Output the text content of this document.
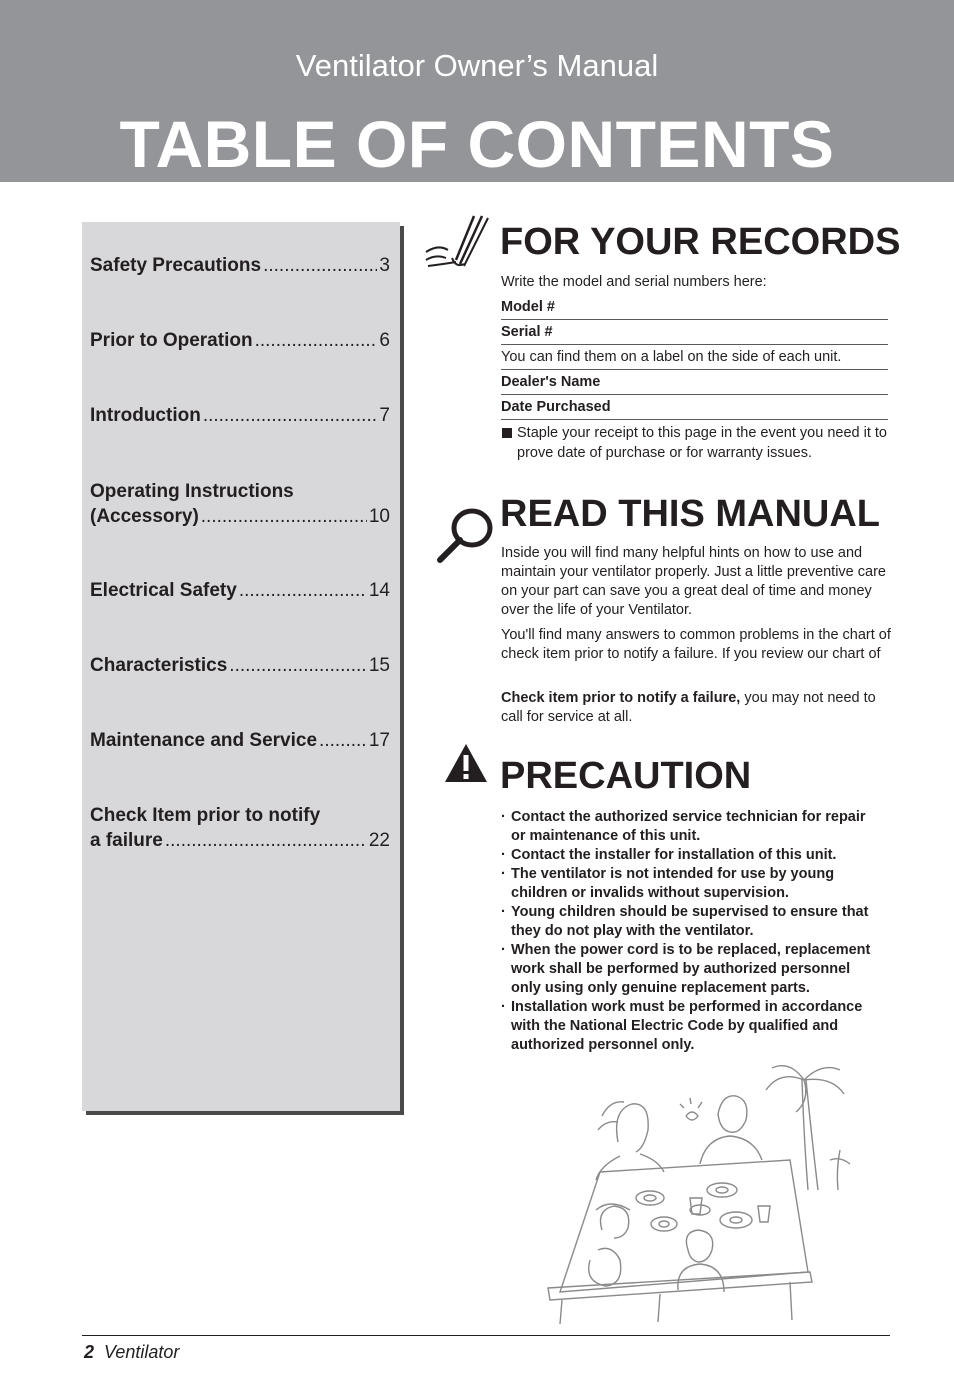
Ventilator Owner’s Manual
TABLE OF CONTENTS
Safety Precautions .....	3
Prior to Operation .....	6
Introduction .....	7
Operating Instructions
(Accessory) .....	10
Electrical Safety .....	14
Characteristics .....	15
Maintenance and Service .....	17
Check Item prior to notify
a failure .....	22
FOR YOUR RECORDS
Write the model and serial numbers here:
Model #
Serial #
You can find them on a label on the side of each unit.
Dealer's Name
Date Purchased
Staple your receipt to this page in the event you need it to prove date of purchase or for warranty issues.
READ THIS MANUAL
Inside you will find many helpful hints on how to use and maintain your ventilator properly. Just a little preventive care on your part can save you a great deal of time and money over the life of your Ventilator.
You'll find many answers to common problems in the chart of check item prior to notify a failure. If you review our chart of
Check item prior to notify a failure, you may not need to call for service at all.
PRECAUTION
· Contact the authorized service technician for repair or maintenance of this unit.
· Contact the installer for installation of this unit.
· The ventilator is not intended for use by young children or invalids without supervision.
· Young children should be supervised to ensure that they do not play with the ventilator.
· When the power cord is to be replaced, replacement work shall be performed by authorized personnel only using only genuine replacement parts.
· Installation work must be performed in accordance with the National Electric Code by qualified and authorized personnel only.
2 Ventilator
